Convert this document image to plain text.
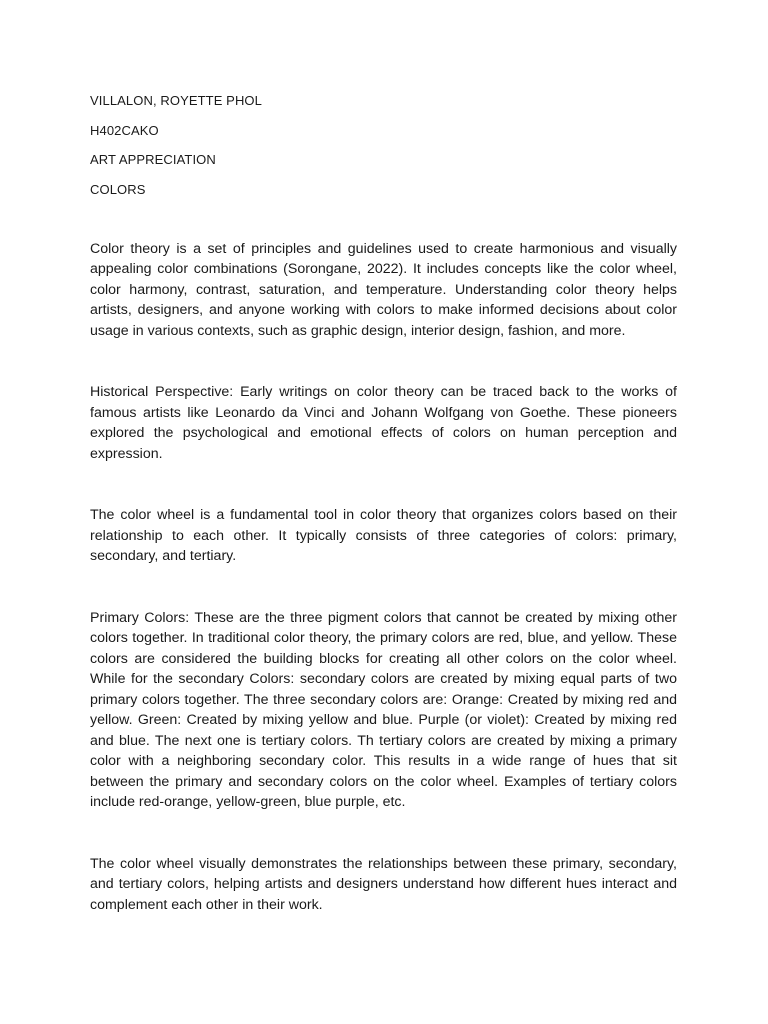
VILLALON, ROYETTE PHOL
H402CAKO
ART APPRECIATION
COLORS

Color theory is a set of principles and guidelines used to create harmonious and visually appealing color combinations (Sorongane, 2022). It includes concepts like the color wheel, color harmony, contrast, saturation, and temperature. Understanding color theory helps artists, designers, and anyone working with colors to make informed decisions about color usage in various contexts, such as graphic design, interior design, fashion, and more.

Historical Perspective: Early writings on color theory can be traced back to the works of famous artists like Leonardo da Vinci and Johann Wolfgang von Goethe. These pioneers explored the psychological and emotional effects of colors on human perception and expression.

The color wheel is a fundamental tool in color theory that organizes colors based on their relationship to each other. It typically consists of three categories of colors: primary, secondary, and tertiary.

Primary Colors: These are the three pigment colors that cannot be created by mixing other colors together. In traditional color theory, the primary colors are red, blue, and yellow. These colors are considered the building blocks for creating all other colors on the color wheel. While for the secondary Colors: secondary colors are created by mixing equal parts of two primary colors together. The three secondary colors are: Orange: Created by mixing red and yellow. Green: Created by mixing yellow and blue. Purple (or violet): Created by mixing red and blue. The next one is tertiary colors. Th tertiary colors are created by mixing a primary color with a neighboring secondary color. This results in a wide range of hues that sit between the primary and secondary colors on the color wheel. Examples of tertiary colors include red-orange, yellow-green, blue purple, etc.

The color wheel visually demonstrates the relationships between these primary, secondary, and tertiary colors, helping artists and designers understand how different hues interact and complement each other in their work.
